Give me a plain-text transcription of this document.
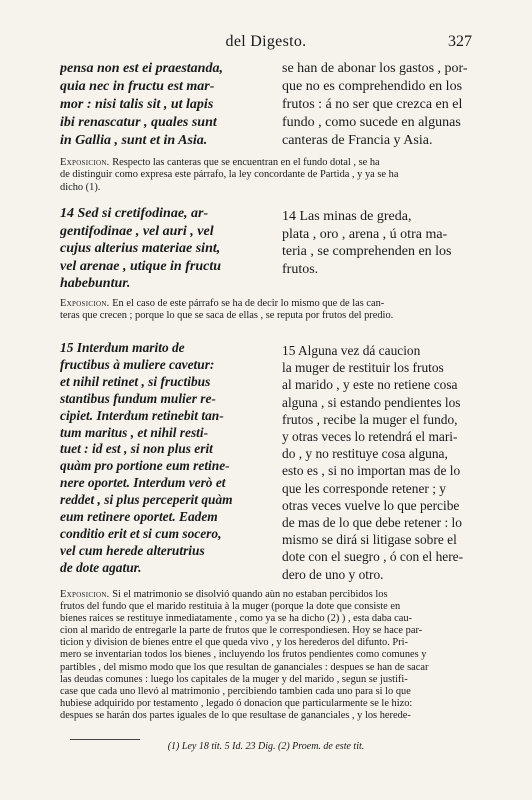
del Digesto.	327
pensa non est ei praestanda,
quia nec in fructu est mar-
mor : nisi talis sit , ut lapis
ibi renascatur , quales sunt
in Gallia , sunt et in Asia.
se han de abonar los gastos , por-
que no es comprehendido en los
frutos : á no ser que crezca en el
fundo , como sucede en algunas
canteras de Francia y Asia.
Exposicion. Respecto las canteras que se encuentran en el fundo dotal , se ha
de distinguir como expresa este párrafo, la ley concordante de Partida , y ya se ha
dicho (1).
14 Sed si cretifodinae, ar-
gentifodinae , vel auri , vel
cujus alterius materiae sint,
vel arenae , utique in fructu
habebuntur.
14 Las minas de greda,
plata , oro , arena , ú otra ma-
teria , se comprehenden en los
frutos.
Exposicion. En el caso de este párrafo se ha de decir lo mismo que de las can-
teras que crecen ; porque lo que se saca de ellas , se reputa por frutos del predio.
15 Interdum marito de
fructibus à muliere cavetur:
et nihil retinet , si fructibus
stantibus fundum mulier re-
cipiet. Interdum retinebit tan-
tum maritus , et nihil resti-
tuet : id est , si non plus erit
quàm pro portione eum retine-
nere oportet. Interdum verò et
reddet , si plus perceperit quàm
eum retinere oportet. Eadem
conditio erit et si cum socero,
vel cum herede alterutrius
de dote agatur.
15 Alguna vez dá caucion
la muger de restituir los frutos
al marido , y este no retiene cosa
alguna , si estando pendientes los
frutos , recibe la muger el fundo,
y otras veces lo retendrá el mari-
do , y no restituye cosa alguna,
esto es , si no importan mas de lo
que les corresponde retener ; y
otras veces vuelve lo que percibe
de mas de lo que debe retener : lo
mismo se dirá si litigase sobre el
dote con el suegro , ó con el here-
dero de uno y otro.
Exposicion. Si el matrimonio se disolvió quando aùn no estaban percibidos los
frutos del fundo que el marido restituia à la muger (porque la dote que consiste en
bienes raices se restituye inmediatamente , como ya se ha dicho (2) ) , esta daba cau-
cion al marido de entregarle la parte de frutos que le correspondiesen. Hoy se hace par-
ticion y division de bienes entre el que queda vivo , y los herederos del difunto. Pri-
mero se inventarian todos los bienes , incluyendo los frutos pendientes como comunes y
partibles , del mismo modo que los que resultan de gananciales : despues se han de sacar
las deudas comunes : luego los capitales de la muger y del marido , segun se justifi-
case que cada uno llevó al matrimonio , percibiendo tambien cada uno para si lo que
hubiese adquirido por testamento , legado ó donacion que particularmente se le hizo:
despues se harán dos partes iguales de lo que resultase de gananciales , y los herede-
(1) Ley 18 tit. 5 Id. 23 Dig. (2) Proem. de este tit.
